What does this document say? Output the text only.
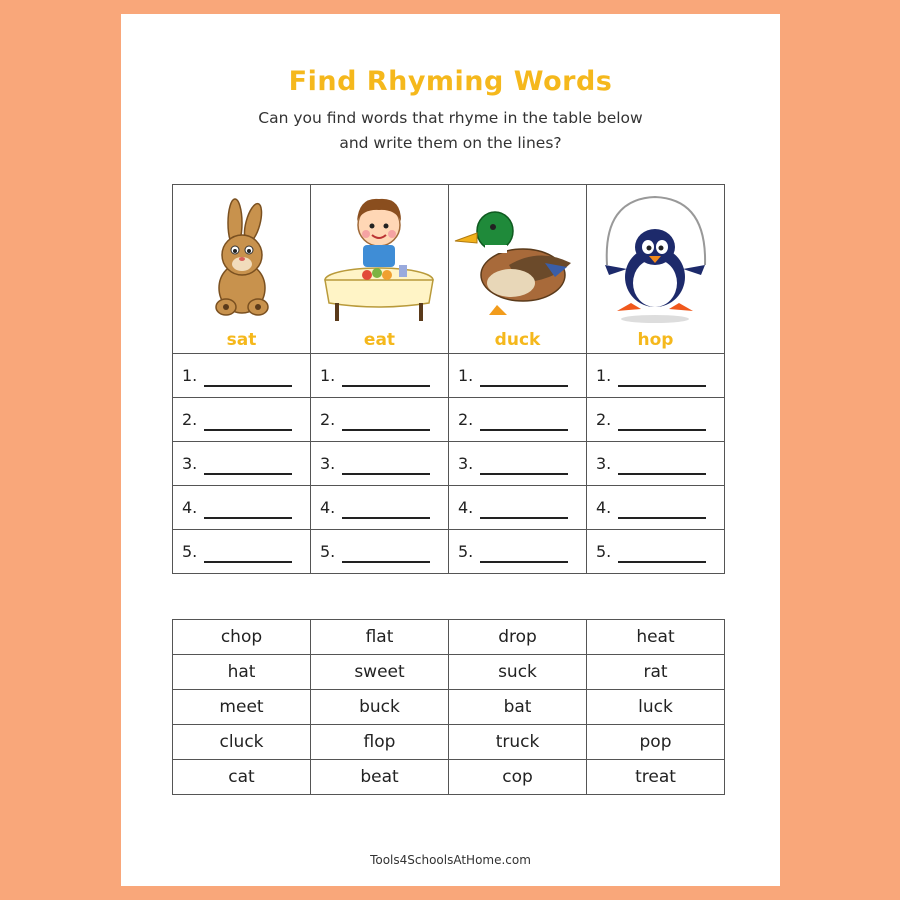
Find Rhyming Words
Can you find words that rhyme in the table below
and write them on the lines?
sat	eat	duck	hop

1.	1.	1.	1.

2.	2.	2.	2.

3.	3.	3.	3.

4.	4.	4.	4.

5.	5.	5.	5.
chop	flat	drop	heat
hat	sweet	suck	rat
meet	buck	bat	luck
cluck	flop	truck	pop
cat	beat	cop	treat
Tools4SchoolsAtHome.com
